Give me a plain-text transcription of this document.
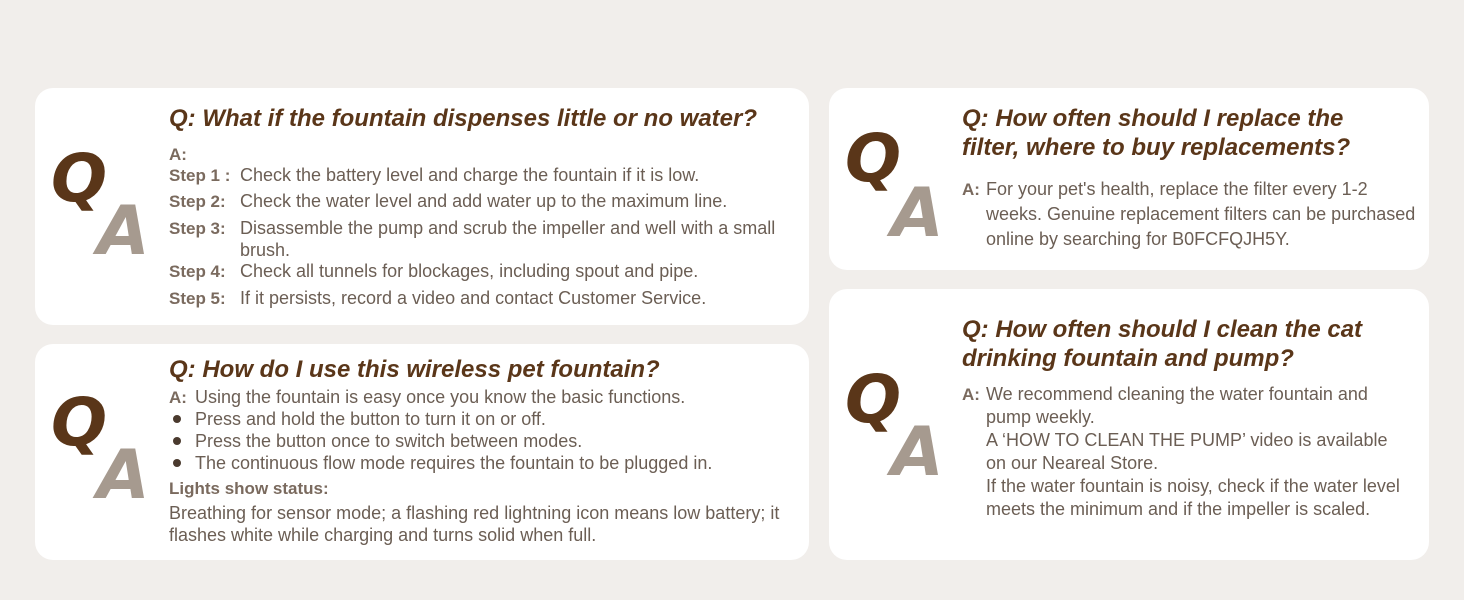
Q
A
Q: What if the fountain dispenses little or no water?
A:
Step 1 : Check the battery level and charge the fountain if it is low.
Step 2: Check the water level and add water up to the maximum line.
Step 3: Disassemble the pump and scrub the impeller and well with a small brush.
Step 4: Check all tunnels for blockages, including spout and pipe.
Step 5: If it persists, record a video and contact Customer Service.
Q
A
Q: How do I use this wireless pet fountain?
A: Using the fountain is easy once you know the basic functions.
Press and hold the button to turn it on or off.
Press the button once to switch between modes.
The continuous flow mode requires the fountain to be plugged in.
Lights show status:
Breathing for sensor mode; a flashing red lightning icon means low battery; it flashes white while charging and turns solid when full.
Q
A
Q: How often should I replace the filter, where to buy replacements?
A: For your pet's health, replace the filter every 1-2 weeks. Genuine replacement filters can be purchased online by searching for B0FCFQJH5Y.
Q
A
Q: How often should I clean the cat drinking fountain and pump?
A: We recommend cleaning the water fountain and pump weekly.
A ‘HOW TO CLEAN THE PUMP’ video is available on our Neareal Store.
If the water fountain is noisy, check if the water level meets the minimum and if the impeller is scaled.
